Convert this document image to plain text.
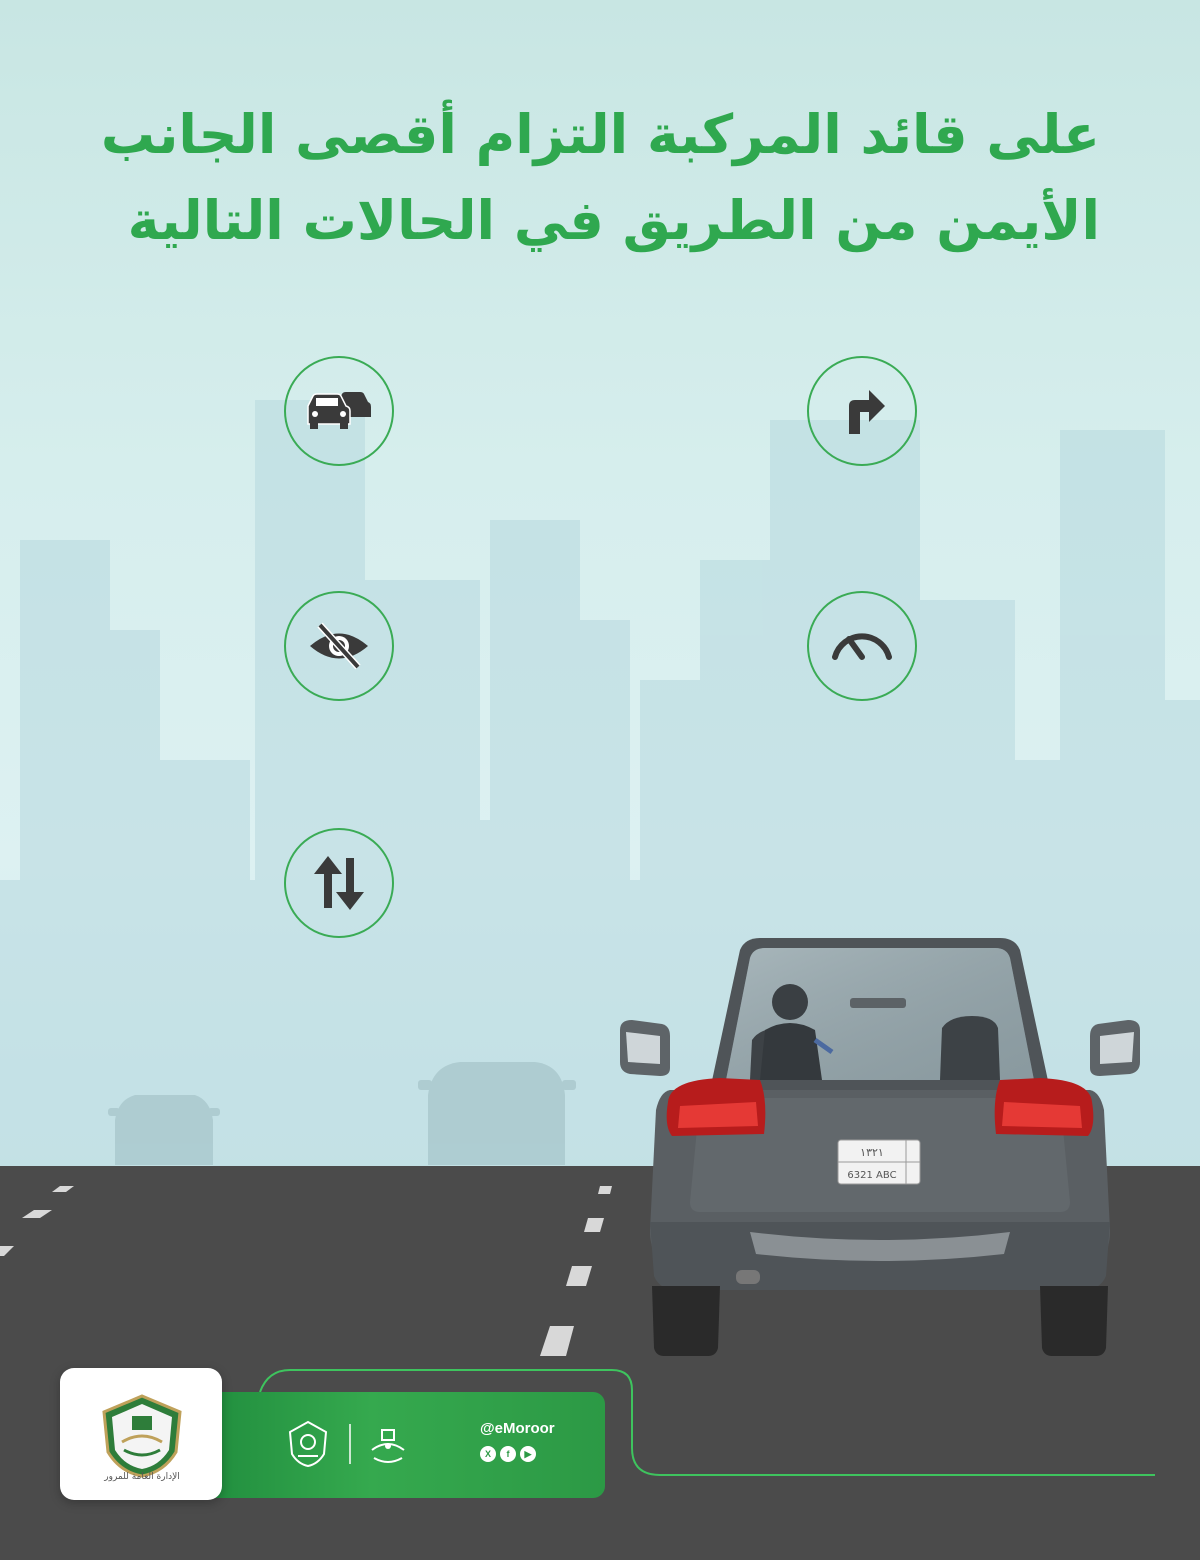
على قائد المركبة التزام أقصى الجانب
الأيمن من الطريق في الحالات التالية
١٣٢١
6321 ABC
@eMoroor
X	f	▶
الإدارة العامة للمرور
